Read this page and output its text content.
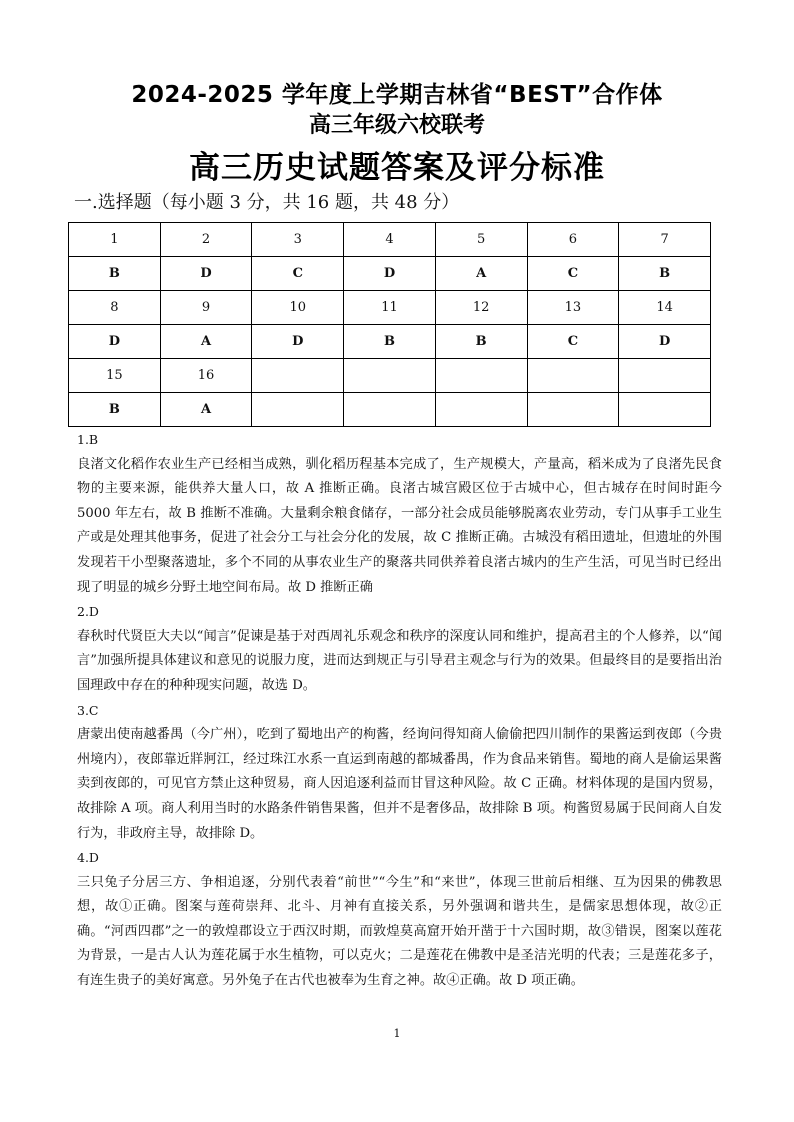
2024-2025 学年度上学期吉林省“BEST”合作体
高三年级六校联考
高三历史试题答案及评分标准
一.选择题（每小题 3 分，共 16 题，共 48 分）
1	2	3	4	5	6	7
B	D	C	D	A	C	B
8	9	10	11	12	13	14
D	A	D	B	B	C	D
15	16					
B	A					

1.B

良渚文化稻作农业生产已经相当成熟，驯化稻历程基本完成了，生产规模大，产量高，稻米成为了良渚先民食物的主要来源，能供养大量人口，故 A 推断正确。良渚古城宫殿区位于古城中心，但古城存在时间时距今 5000 年左右，故 B 推断不准确。大量剩余粮食储存，一部分社会成员能够脱离农业劳动，专门从事手工业生产或是处理其他事务，促进了社会分工与社会分化的发展，故 C 推断正确。古城没有稻田遗址，但遗址的外围发现若干小型聚落遗址，多个不同的从事农业生产的聚落共同供养着良渚古城内的生产生活，可见当时已经出现了明显的城乡分野土地空间布局。故 D 推断正确

2.D

春秋时代贤臣大夫以“闻言”促谏是基于对西周礼乐观念和秩序的深度认同和维护，提高君主的个人修养，以“闻言”加强所提具体建议和意见的说服力度，进而达到规正与引导君主观念与行为的效果。但最终目的是要指出治国理政中存在的种种现实问题，故选 D。

3.C

唐蒙出使南越番禺（今广州），吃到了蜀地出产的枸酱，经询问得知商人偷偷把四川制作的果酱运到夜郎（今贵州境内），夜郎靠近牂牁江，经过珠江水系一直运到南越的都城番禺，作为食品来销售。蜀地的商人是偷运果酱卖到夜郎的，可见官方禁止这种贸易，商人因追逐利益而甘冒这种风险。故 C 正确。材料体现的是国内贸易，故排除 A 项。商人利用当时的水路条件销售果酱，但并不是奢侈品，故排除 B 项。枸酱贸易属于民间商人自发行为，非政府主导，故排除 D。

4.D

三只兔子分居三方、争相追逐，分别代表着“前世”“今生”和“来世”，体现三世前后相继、互为因果的佛教思想，故①正确。图案与莲荷崇拜、北斗、月神有直接关系，另外强调和谐共生，是儒家思想体现，故②正确。“河西四郡”之一的敦煌郡设立于西汉时期，而敦煌莫高窟开始开凿于十六国时期，故③错误，图案以莲花为背景，一是古人认为莲花属于水生植物，可以克火；二是莲花在佛教中是圣洁光明的代表；三是莲花多子，有连生贵子的美好寓意。另外兔子在古代也被奉为生育之神。故④正确。故 D 项正确。

1
